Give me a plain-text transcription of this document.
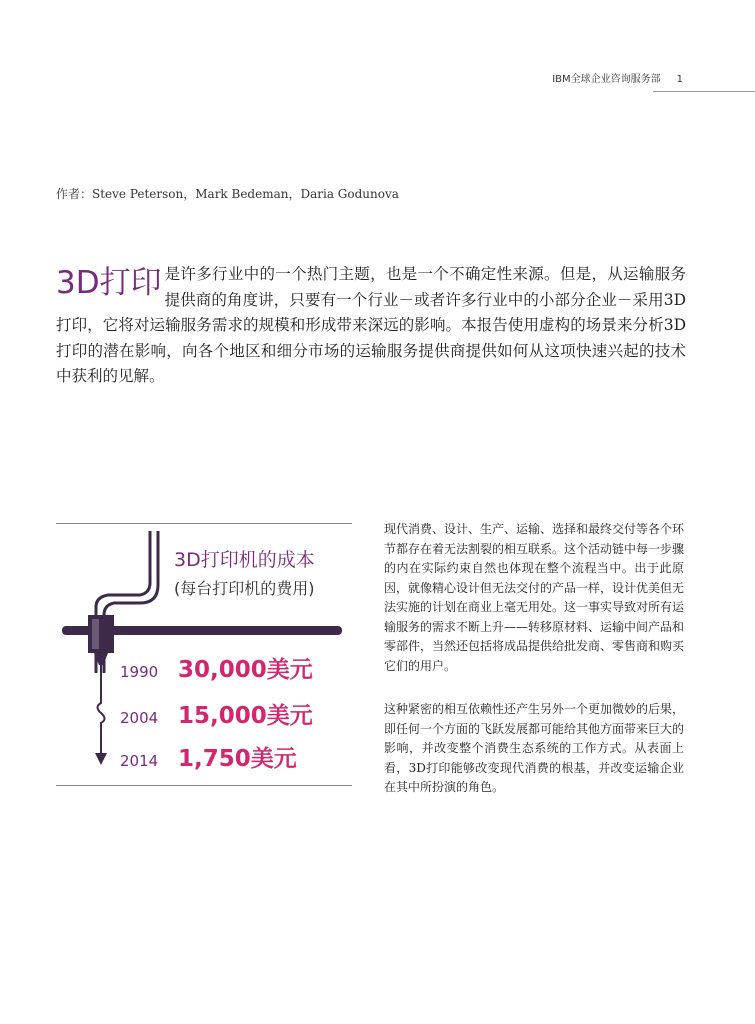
IBM全球企业咨询服务部 1
作者：Steve Peterson，Mark Bedeman，Daria Godunova
3D打印 是许多行业中的一个热门主题，也是一个不确定性来源。但是，从运输服务提供商的角度讲，只要有一个行业－或者许多行业中的小部分企业－采用3D打印，它将对运输服务需求的规模和形成带来深远的影响。本报告使用虚构的场景来分析3D打印的潜在影响，向各个地区和细分市场的运输服务提供商提供如何从这项快速兴起的技术中获利的见解。
3D打印机的成本
(每台打印机的费用)
1990 30,000美元
2004 15,000美元
2014 1,750美元
现代消费、设计、生产、运输、选择和最终交付等各个环节都存在着无法割裂的相互联系。这个活动链中每一步骤的内在实际约束自然也体现在整个流程当中。出于此原因，就像精心设计但无法交付的产品一样，设计优美但无法实施的计划在商业上毫无用处。这一事实导致对所有运输服务的需求不断上升——转移原材料、运输中间产品和零部件，当然还包括将成品提供给批发商、零售商和购买它们的用户。
这种紧密的相互依赖性还产生另外一个更加微妙的后果，即任何一个方面的飞跃发展都可能给其他方面带来巨大的影响，并改变整个消费生态系统的工作方式。从表面上看，3D打印能够改变现代消费的根基，并改变运输企业在其中所扮演的角色。
